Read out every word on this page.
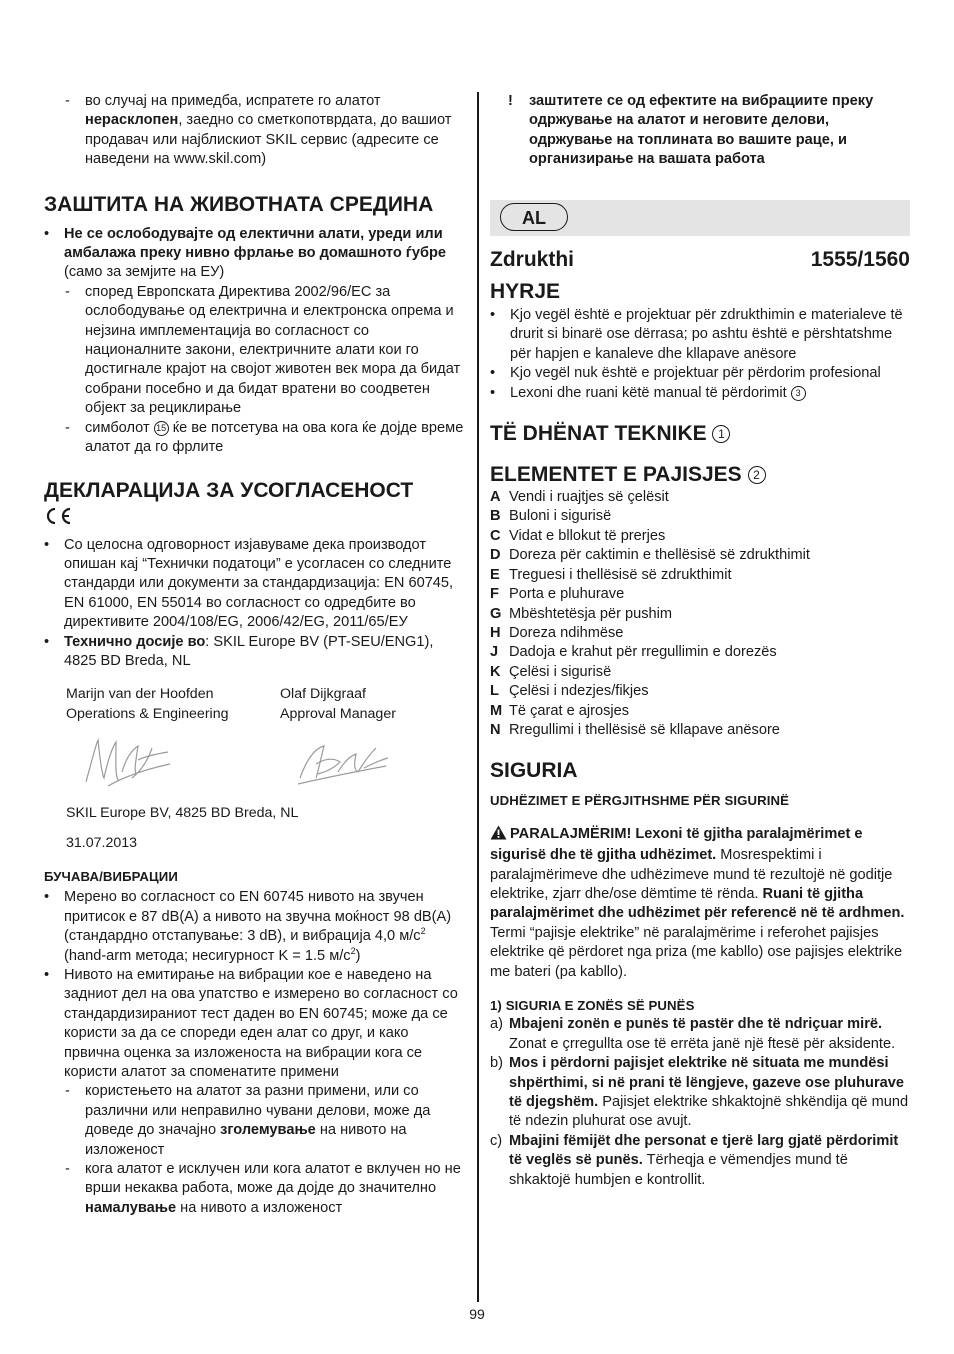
- во случај на примедба, испратете го алатот нерасклопен, заедно со сметкопотврдата, до вашиот продавач или најблискиот SKIL сервис (адресите се наведени на www.skil.com)

ЗАШТИТА НА ЖИВОТНАТА СРЕДИНА

• Не се ослободувајте од електични алати, уреди или амбалажа преку нивно фрлање во домашното ѓубре (само за земјите на ЕУ)

- според Европската Директива 2002/96/EC за ослободување од електрична и електронска опрема и нејзина имплементација во согласност со националните закони, електричните алати кои го достигнале крајот на својот животен век мора да бидат собрани посебно и да бидат вратени во соодветен објект за рециклирање

- симболот 15 ќе ве потсетува на ова кога ќе дојде време алатот да го фрлите

ДЕКЛАРАЦИЈА ЗА УСОГЛАСЕНОСТ

• Со целосна одговорност изјавуваме дека производот опишан кај “Технички податоци” е усогласен со следните стандарди или документи за стандардизација: EN 60745, EN 61000, EN 55014 во согласност со одредбите во директивите 2004/108/EG, 2006/42/EG, 2011/65/ЕУ

• Технично досије во: SKIL Europe BV (PT-SEU/ENG1), 4825 BD Breda, NL

Marijn van der Hoofden
Operations & Engineering
Olaf Dijkgraaf
Approval Manager

SKIL Europe BV, 4825 BD Breda, NL

31.07.2013

БУЧАВА/ВИБРАЦИИ

• Мерено во согласност со EN 60745 нивото на звучен притисок е 87 dB(A) а нивото на звучна моќност 98 dB(A) (стандардно отстапување: 3 dB), и вибрација 4,0 $м/с^2$ (hand-arm метода; несигурност K = 1.5 $м/с^2$)

• Нивото на емитирање на вибрации кое е наведено на задниот дел на ова упатство е измерено во согласност со стандардизираниот тест даден во EN 60745; може да се користи за да се спореди еден алат со друг, и како првична оценка за изложеноста на вибрации кога се користи алатот за споменатите примени

- користењето на алатот за разни примени, или со различни или неправилно чувани делови, може да доведе до значајно зголемување на нивото на изложеност

- кога алатот е исклучен или кога алатот е вклучен но не врши некаква работа, може да дојде до значително намалување на нивото а изложеност

! заштитете се од ефектите на вибрациите преку одржување на алатот и неговите делови, одржување на топлината во вашите раце, и организирање на вашата работа

AL
Zdrukthi	1555/1560
HYRJE

• Kjo vegël është e projektuar për zdrukthimin e materialeve të drurit si binarë ose dërrasa; po ashtu është e përshtatshme për hapjen e kanaleve dhe kllapave anësore

• Kjo vegël nuk është e projektuar për përdorim profesional

• Lexoni dhe ruani këtë manual të përdorimit 3

TË DHËNAT TEKNIKE 1
ELEMENTET E PAJISJES 2
A Vendi i ruajtjes së çelësit
B Buloni i sigurisë
C Vidat e bllokut të prerjes
D Doreza për caktimin e thellësisë së zdrukthimit
E Treguesi i thellësisë së zdrukthimit
F Porta e pluhurave
G Mbështetësja për pushim
H Doreza ndihmëse
J Dadoja e krahut për rregullimin e dorezës
K Çelësi i sigurisë
L Çelësi i ndezjes/fikjes
M Të çarat e ajrosjes
N Rregullimi i thellësisë së kllapave anësore
SIGURIA
UDHËZIMET E PËRGJITHSHME PËR SIGURINË

PARALAJMËRIM! Lexoni të gjitha paralajmërimet e sigurisë dhe të gjitha udhëzimet. Mosrespektimi i paralajmërimeve dhe udhëzimeve mund të rezultojë në goditje elektrike, zjarr dhe/ose dëmtime të rënda. Ruani të gjitha paralajmërimet dhe udhëzimet për referencë në të ardhmen. Termi “pajisje elektrike” në paralajmërime i referohet pajisjes elektrike që përdoret nga priza (me kabllo) ose pajisjes elektrike me bateri (pa kabllo).

1) SIGURIA E ZONËS SË PUNËS
a) Mbajeni zonën e punës të pastër dhe të ndriçuar mirë. Zonat e çrregullta ose të errëta janë një ftesë për aksidente.
b) Mos i përdorni pajisjet elektrike në situata me mundësi shpërthimi, si në prani të lëngjeve, gazeve ose pluhurave të djegshëm. Pajisjet elektrike shkaktojnë shkëndija që mund të ndezin pluhurat ose avujt.
c) Mbajini fëmijët dhe personat e tjerë larg gjatë përdorimit të veglës së punës. Tërheqja e vëmendjes mund të shkaktojë humbjen e kontrollit.
99
